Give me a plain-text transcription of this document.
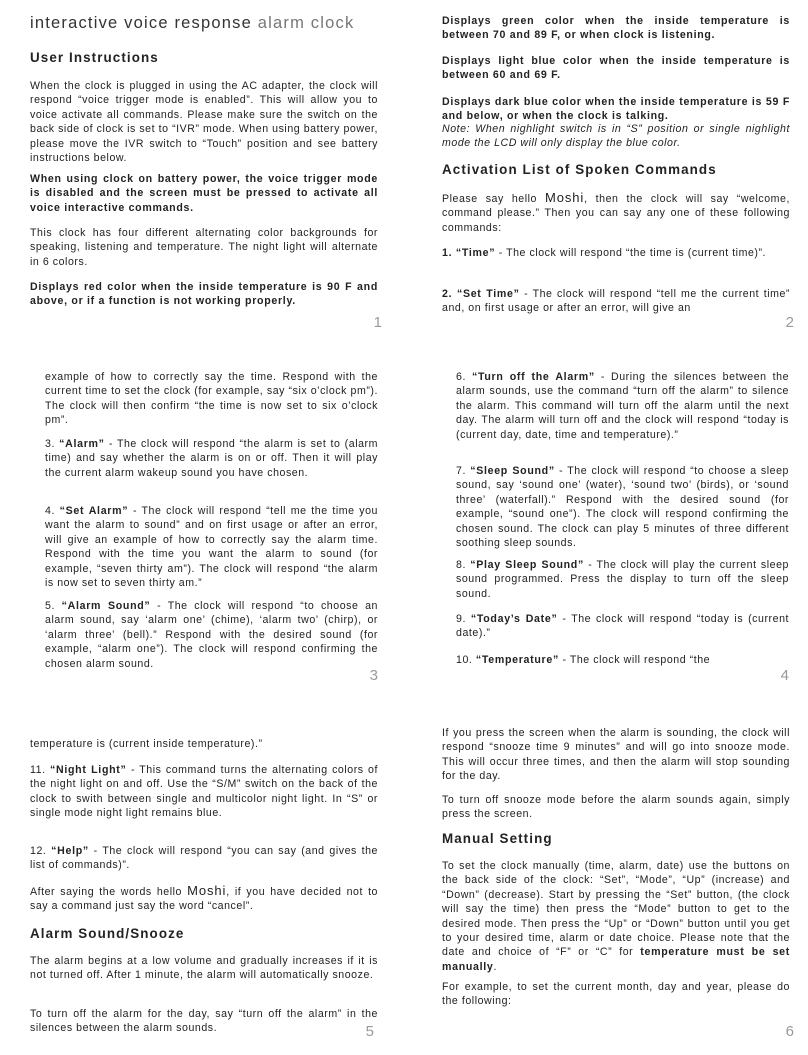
interactive voice response alarm clock
User Instructions

When the clock is plugged in using the AC adapter, the clock will respond “voice trigger mode is enabled”. This will allow you to voice activate all commands. Please make sure the switch on the back side of clock is set to “IVR” mode. When using battery power, please move the IVR switch to “Touch” position and see battery instructions below.

When using clock on battery power, the voice trigger mode is disabled and the screen must be pressed to activate all voice interactive commands.

This clock has four different alternating color backgrounds for speaking, listening and temperature. The night light will alternate in 6 colors.

Displays red color when the inside temperature is 90 F and above, or if a function is not working properly.

1

Displays green color when the inside temperature is between 70 and 89 F, or when clock is listening.

Displays light blue color when the inside temperature is between 60 and 69 F.

Displays dark blue color when the inside temperature is 59 F and below, or when the clock is talking.

Note: When nighlight switch is in “S” position or single nighlight mode the LCD will only display the blue color.

Activation List of Spoken Commands

Please say hello Moshi, then the clock will say “welcome, command please.” Then you can say any one of these following commands:

1. “Time” - The clock will respond “the time is (current time)”.

2. “Set Time” - The clock will respond “tell me the current time” and, on first usage or after an error, will give an

2

example of how to correctly say the time. Respond with the current time to set the clock (for example, say “six o’clock pm”). The clock will then confirm “the time is now set to six o’clock pm”.

3. “Alarm” - The clock will respond “the alarm is set to (alarm time) and say whether the alarm is on or off. Then it will play the current alarm wakeup sound you have chosen.

4. “Set Alarm” - The clock will respond “tell me the time you want the alarm to sound” and on first usage or after an error, will give an example of how to correctly say the alarm time. Respond with the time you want the alarm to sound (for example, “seven thirty am”). The clock will respond “the alarm is now set to seven thirty am.”

5. “Alarm Sound” - The clock will respond “to choose an alarm sound, say ‘alarm one’ (chime), ‘alarm two’ (chirp), or ‘alarm three’ (bell).” Respond with the desired sound (for example, “alarm one”). The clock will respond confirming the chosen alarm sound.

3

6. “Turn off the Alarm” - During the silences between the alarm sounds, use the command “turn off the alarm” to silence the alarm. This command will turn off the alarm until the next day. The alarm will turn off and the clock will respond “today is (current day, date, time and temperature).”

7. “Sleep Sound” - The clock will respond “to choose a sleep sound, say ‘sound one’ (water), ‘sound two’ (birds), or ‘sound three’ (waterfall).” Respond with the desired sound (for example, “sound one”). The clock will respond confirming the chosen sound. The clock can play 5 minutes of three different soothing sleep sounds.

8. “Play Sleep Sound” - The clock will play the current sleep sound programmed. Press the display to turn off the sleep sound.

9. “Today’s Date” - The clock will respond “today is (current date).”

10. “Temperature” - The clock will respond “the

4

temperature is (current inside temperature).”

11. “Night Light” - This command turns the alternating colors of the night light on and off. Use the “S/M” switch on the back of the clock to swith between single and multicolor night light. In “S” or single mode night light remains blue.

12. “Help” - The clock will respond “you can say (and gives the list of commands)”.

After saying the words hello Moshi, if you have decided not to say a command just say the word “cancel”.

Alarm Sound/Snooze

The alarm begins at a low volume and gradually increases if it is not turned off. After 1 minute, the alarm will automatically snooze.

To turn off the alarm for the day, say “turn off the alarm” in the silences between the alarm sounds.	5

If you press the screen when the alarm is sounding, the clock will respond “snooze time 9 minutes” and will go into snooze mode. This will occur three times, and then the alarm will stop sounding for the day.

To turn off snooze mode before the alarm sounds again, simply press the screen.

Manual Setting

To set the clock manually (time, alarm, date) use the buttons on the back side of the clock: “Set”, “Mode”, “Up” (increase) and “Down” (decrease). Start by pressing the “Set” button, (the clock will say the time) then press the “Mode” button to get to the desired mode. Then press the “Up” or “Down” button until you get to your desired time, alarm or date choice. Please note that the date and choice of “F” or “C” for temperature must be set manually.

For example, to set the current month, day and year, please do the following:

6
